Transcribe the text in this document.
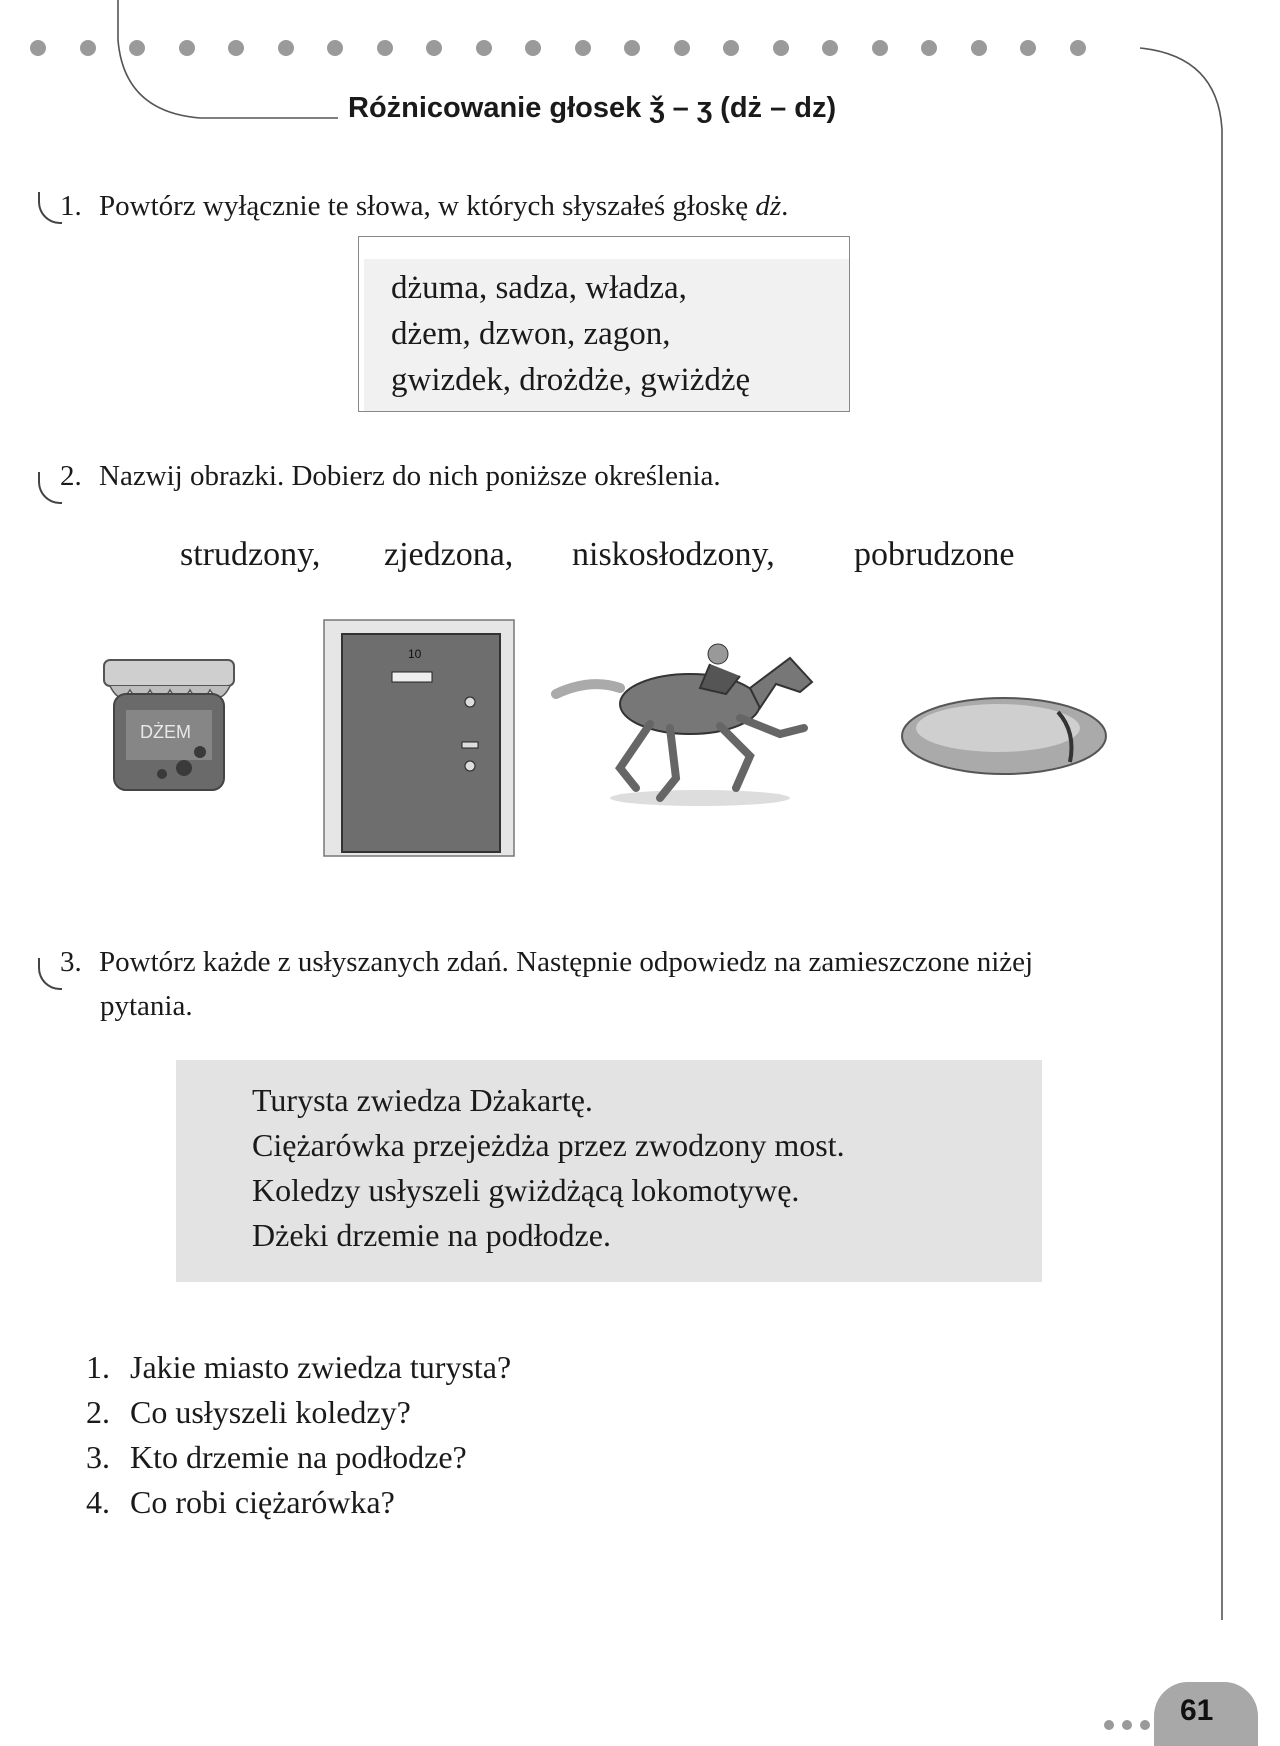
Różnicowanie głosek ǯ – ʒ (dż – dz)
1. Powtórz wyłącznie te słowa, w których słyszałeś głoskę dż.
dżuma, sadza, władza,
dżem, dzwon, zagon,
gwizdek, drożdże, gwiżdżę
2. Nazwij obrazki. Dobierz do nich poniższe określenia.
strudzony, zjedzona, niskosłodzony, pobrudzone
DŻEM
10
3. Powtórz każde z usłyszanych zdań. Następnie odpowiedz na zamieszczone niżej
pytania.
Turysta zwiedza Dżakartę.
Ciężarówka przejeżdża przez zwodzony most.
Koledzy usłyszeli gwiżdżącą lokomotywę.
Dżeki drzemie na podłodze.
1. Jakie miasto zwiedza turysta?
2. Co usłyszeli koledzy?
3. Kto drzemie na podłodze?
4. Co robi ciężarówka?
61
